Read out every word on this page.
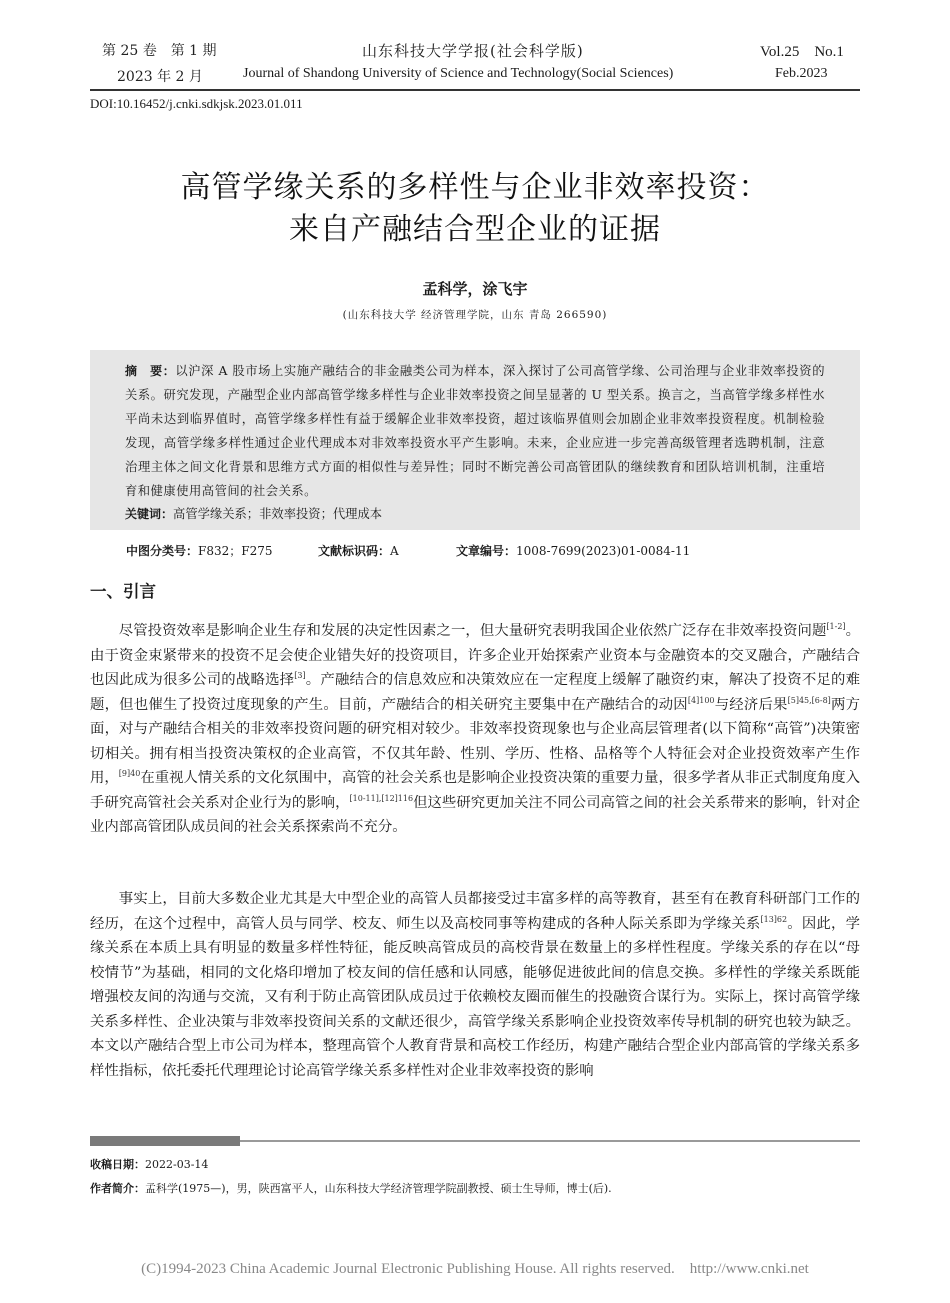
第 25 卷　第 1 期	山东科技大学学报(社会科学版)	Vol.25　No.1
2023 年 2 月	Journal of Shandong University of Science and Technology(Social Sciences)	Feb.2023
DOI:10.16452/j.cnki.sdkjsk.2023.01.011
高管学缘关系的多样性与企业非效率投资：
来自产融结合型企业的证据
孟科学，涂飞宇
(山东科技大学 经济管理学院，山东 青岛 266590)
摘　要：以沪深 A 股市场上实施产融结合的非金融类公司为样本，深入探讨了公司高管学缘、公司治理与企业非效率投资的关系。研究发现，产融型企业内部高管学缘多样性与企业非效率投资之间呈显著的 U 型关系。换言之，当高管学缘多样性水平尚未达到临界值时，高管学缘多样性有益于缓解企业非效率投资，超过该临界值则会加剧企业非效率投资程度。机制检验发现，高管学缘多样性通过企业代理成本对非效率投资水平产生影响。未来，企业应进一步完善高级管理者选聘机制，注意治理主体之间文化背景和思维方式方面的相似性与差异性；同时不断完善公司高管团队的继续教育和团队培训机制，注重培育和健康使用高管间的社会关系。
关键词：高管学缘关系；非效率投资；代理成本
中图分类号：F832；F275	文献标识码：A	文章编号：1008-7699(2023)01-0084-11
一、引言
尽管投资效率是影响企业生存和发展的决定性因素之一，但大量研究表明我国企业依然广泛存在非效率投资问题[1-2]。由于资金束紧带来的投资不足会使企业错失好的投资项目，许多企业开始探索产业资本与金融资本的交叉融合，产融结合也因此成为很多公司的战略选择[3]。产融结合的信息效应和决策效应在一定程度上缓解了融资约束，解决了投资不足的难题，但也催生了投资过度现象的产生。目前，产融结合的相关研究主要集中在产融结合的动因$^{[4]100}$与经济后果[5]45,[6-8]两方面，对与产融结合相关的非效率投资问题的研究相对较少。非效率投资现象也与企业高层管理者(以下简称“高管”)决策密切相关。拥有相当投资决策权的企业高管，不仅其年龄、性别、学历、性格、品格等个人特征会对企业投资效率产生作用，$^{[9]40}$在重视人情关系的文化氛围中，高管的社会关系也是影响企业投资决策的重要力量，很多学者从非正式制度角度入手研究高管社会关系对企业行为的影响，$^{[10-11],[12]116}$但这些研究更加关注不同公司高管之间的社会关系带来的影响，针对企业内部高管团队成员间的社会关系探索尚不充分。
事实上，目前大多数企业尤其是大中型企业的高管人员都接受过丰富多样的高等教育，甚至有在教育科研部门工作的经历，在这个过程中，高管人员与同学、校友、师生以及高校同事等构建成的各种人际关系即为学缘关系$^{[13]62}$。因此，学缘关系在本质上具有明显的数量多样性特征，能反映高管成员的高校背景在数量上的多样性程度。学缘关系的存在以“母校情节”为基础，相同的文化烙印增加了校友间的信任感和认同感，能够促进彼此间的信息交换。多样性的学缘关系既能增强校友间的沟通与交流，又有利于防止高管团队成员过于依赖校友圈而催生的投融资合谋行为。实际上，探讨高管学缘关系多样性、企业决策与非效率投资间关系的文献还很少，高管学缘关系影响企业投资效率传导机制的研究也较为缺乏。本文以产融结合型上市公司为样本，整理高管个人教育背景和高校工作经历，构建产融结合型企业内部高管的学缘关系多样性指标，依托委托代理理论讨论高管学缘关系多样性对企业非效率投资的影响
收稿日期：2022-03-14
作者简介：孟科学(1975—)，男，陕西富平人，山东科技大学经济管理学院副教授、硕士生导师，博士(后).
(C)1994-2023 China Academic Journal Electronic Publishing House. All rights reserved.　http://www.cnki.net
